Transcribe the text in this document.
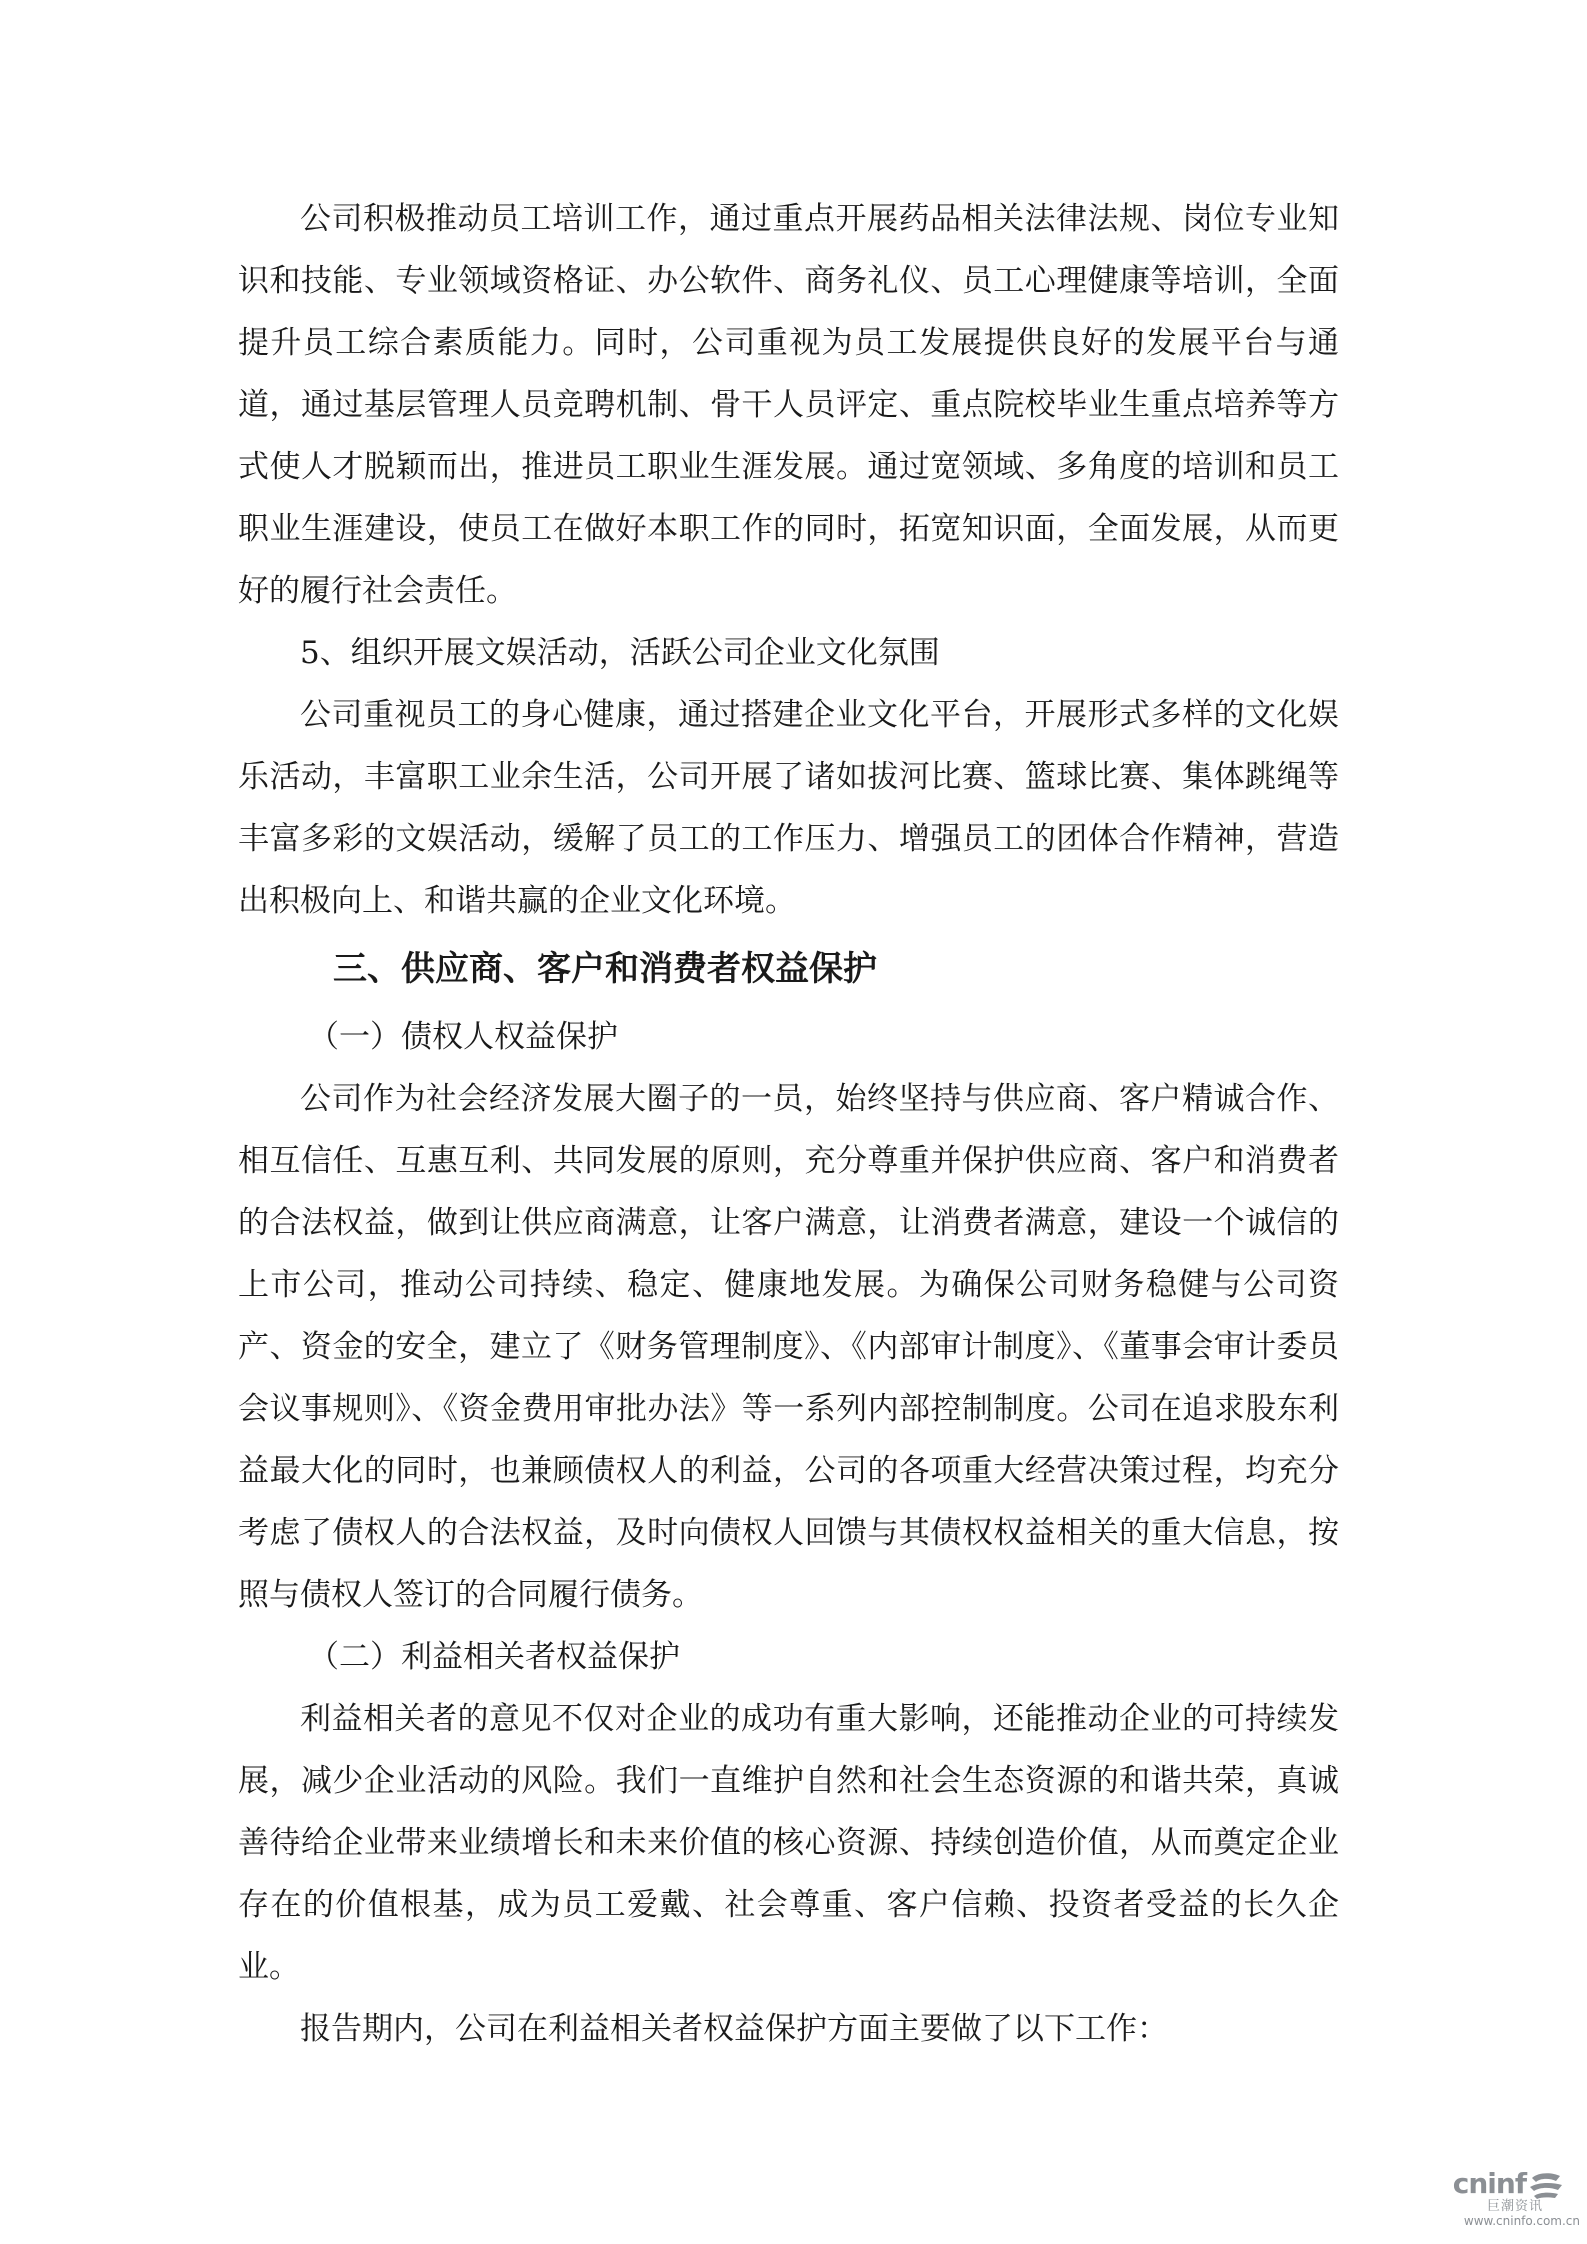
公司积极推动员工培训工作，通过重点开展药品相关法律法规、岗位专业知识和技能、专业领域资格证、办公软件、商务礼仪、员工心理健康等培训，全面提升员工综合素质能力。同时，公司重视为员工发展提供良好的发展平台与通道，通过基层管理人员竞聘机制、骨干人员评定、重点院校毕业生重点培养等方式使人才脱颖而出，推进员工职业生涯发展。通过宽领域、多角度的培训和员工职业生涯建设，使员工在做好本职工作的同时，拓宽知识面，全面发展，从而更好的履行社会责任。

5、组织开展文娱活动，活跃公司企业文化氛围

公司重视员工的身心健康，通过搭建企业文化平台，开展形式多样的文化娱乐活动，丰富职工业余生活，公司开展了诸如拔河比赛、篮球比赛、集体跳绳等丰富多彩的文娱活动，缓解了员工的工作压力、增强员工的团体合作精神，营造出积极向上、和谐共赢的企业文化环境。

三、供应商、客户和消费者权益保护

（一）债权人权益保护

公司作为社会经济发展大圈子的一员，始终坚持与供应商、客户精诚合作、相互信任、互惠互利、共同发展的原则，充分尊重并保护供应商、客户和消费者的合法权益，做到让供应商满意，让客户满意，让消费者满意，建设一个诚信的上市公司，推动公司持续、稳定、健康地发展。为确保公司财务稳健与公司资产、资金的安全，建立了《财务管理制度》、《内部审计制度》、《董事会审计委员会议事规则》、《资金费用审批办法》等一系列内部控制制度。公司在追求股东利益最大化的同时，也兼顾债权人的利益，公司的各项重大经营决策过程，均充分考虑了债权人的合法权益，及时向债权人回馈与其债权权益相关的重大信息，按照与债权人签订的合同履行债务。

（二）利益相关者权益保护

利益相关者的意见不仅对企业的成功有重大影响，还能推动企业的可持续发展，减少企业活动的风险。我们一直维护自然和社会生态资源的和谐共荣，真诚善待给企业带来业绩增长和未来价值的核心资源、持续创造价值，从而奠定企业存在的价值根基，成为员工爱戴、社会尊重、客户信赖、投资者受益的长久企业。

报告期内，公司在利益相关者权益保护方面主要做了以下工作：

cninf
巨潮资讯
www.cninfo.com.cn
